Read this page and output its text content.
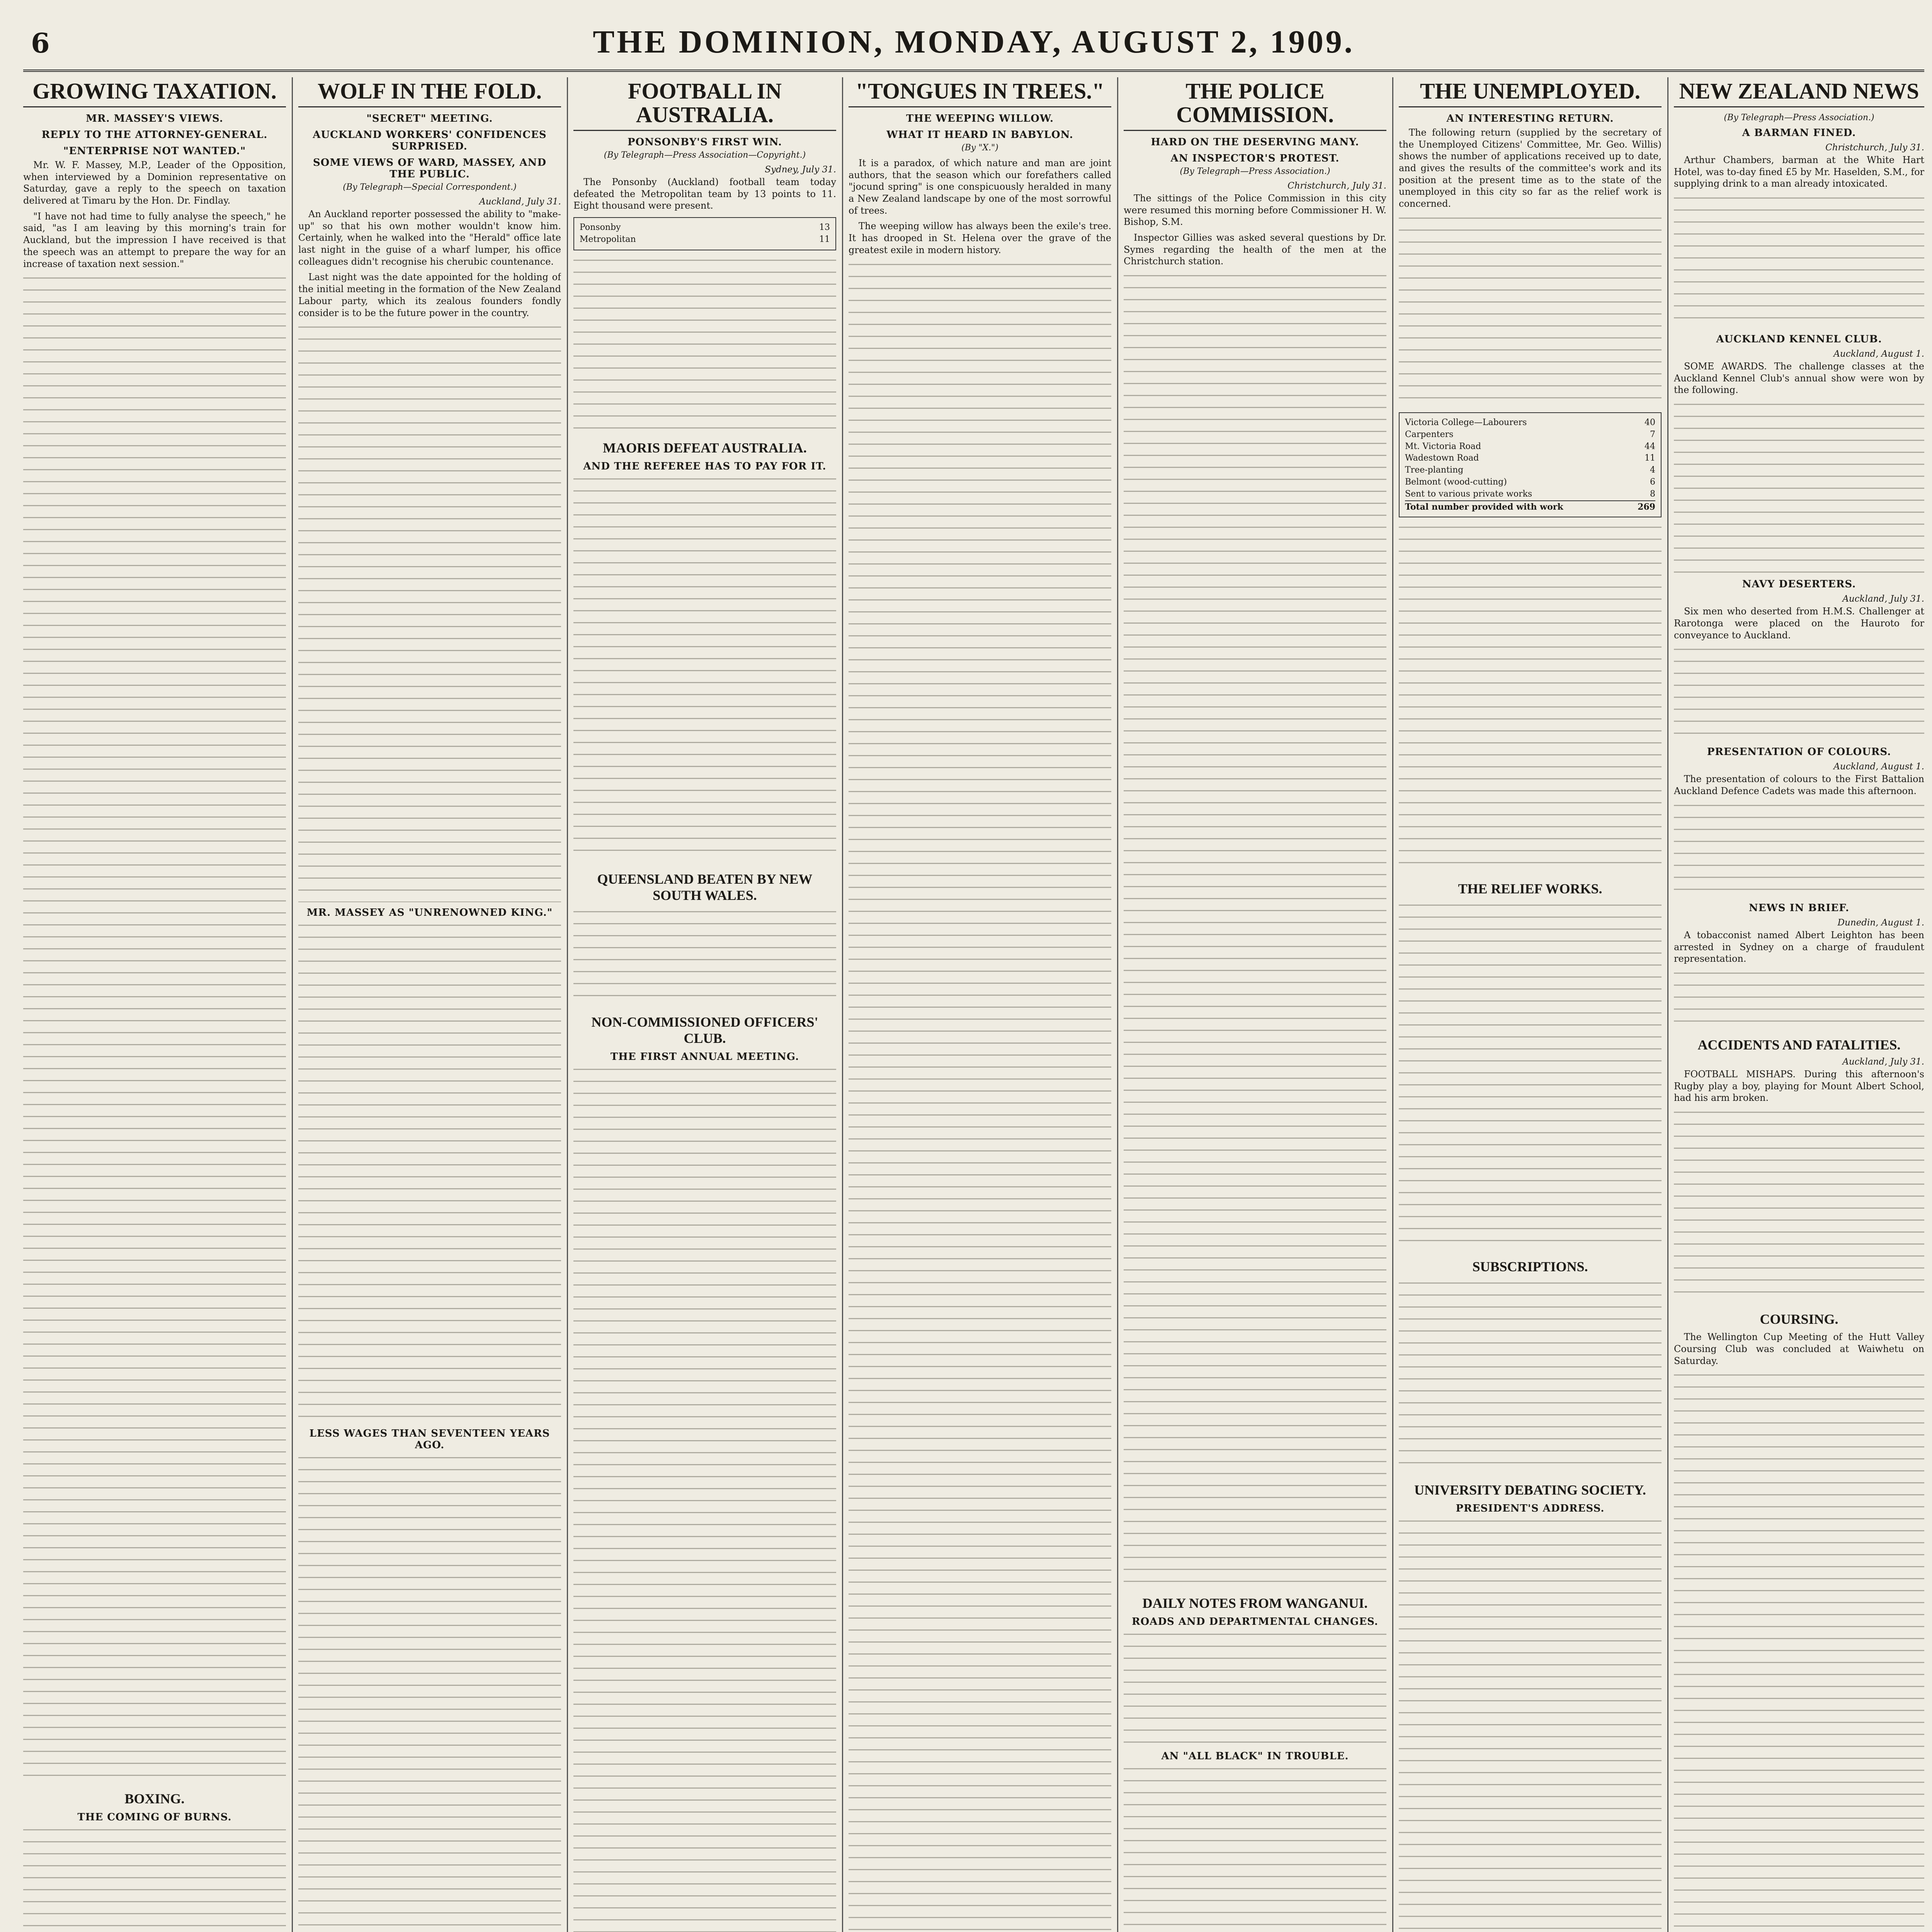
6	THE DOMINION, MONDAY, AUGUST 2, 1909.
GROWING TAXATION.
MR. MASSEY'S VIEWS.
REPLY TO THE ATTORNEY-GENERAL.
"ENTERPRISE NOT WANTED."

Mr. W. F. Massey, M.P., Leader of the Opposition, when interviewed by a Dominion representative on Saturday, gave a reply to the speech on taxation delivered at Timaru by the Hon. Dr. Findlay.

"I have not had time to fully analyse the speech," he said, "as I am leaving by this morning's train for Auckland, but the impression I have received is that the speech was an attempt to prepare the way for an increase of taxation next session."

BOXING.
THE COMING OF BURNS.
WOLF IN THE FOLD.
"SECRET" MEETING.
AUCKLAND WORKERS' CONFIDENCES SURPRISED.
SOME VIEWS OF WARD, MASSEY, AND THE PUBLIC.
(By Telegraph—Special Correspondent.)
Auckland, July 31.

An Auckland reporter possessed the ability to "make-up" so that his own mother wouldn't know him. Certainly, when he walked into the "Herald" office late last night in the guise of a wharf lumper, his office colleagues didn't recognise his cherubic countenance.

Last night was the date appointed for the holding of the initial meeting in the formation of the New Zealand Labour party, which its zealous founders fondly consider is to be the future power in the country.

MR. MASSEY AS "UNRENOWNED KING."
LESS WAGES THAN SEVENTEEN YEARS AGO.
FOOTBALL IN AUSTRALIA.
PONSONBY'S FIRST WIN.
(By Telegraph—Press Association—Copyright.)
Sydney, July 31.

The Ponsonby (Auckland) football team today defeated the Metropolitan team by 13 points to 11. Eight thousand were present.

Ponsonby	13
Metropolitan	11
MAORIS DEFEAT AUSTRALIA.
AND THE REFEREE HAS TO PAY FOR IT.
QUEENSLAND BEATEN BY NEW SOUTH WALES.
NON-COMMISSIONED OFFICERS' CLUB.
THE FIRST ANNUAL MEETING.
"TONGUES IN TREES."
THE WEEPING WILLOW.
WHAT IT HEARD IN BABYLON.
(By "X.")

It is a paradox, of which nature and man are joint authors, that the season which our forefathers called "jocund spring" is one conspicuously heralded in many a New Zealand landscape by one of the most sorrowful of trees.

The weeping willow has always been the exile's tree. It has drooped in St. Helena over the grave of the greatest exile in modern history.

THE POLICE COMMISSION.
HARD ON THE DESERVING MANY.
AN INSPECTOR'S PROTEST.
(By Telegraph—Press Association.)
Christchurch, July 31.

The sittings of the Police Commission in this city were resumed this morning before Commissioner H. W. Bishop, S.M.

Inspector Gillies was asked several questions by Dr. Symes regarding the health of the men at the Christchurch station.

DAILY NOTES FROM WANGANUI.
ROADS AND DEPARTMENTAL CHANGES.
AN "ALL BLACK" IN TROUBLE.
THE UNEMPLOYED.
AN INTERESTING RETURN.

The following return (supplied by the secretary of the Unemployed Citizens' Committee, Mr. Geo. Willis) shows the number of applications received up to date, and gives the results of the committee's work and its position at the present time as to the state of the unemployed in this city so far as the relief work is concerned.

Victoria College—Labourers	40
Carpenters	7
Mt. Victoria Road	44
Wadestown Road	11
Tree-planting	4
Belmont (wood-cutting)	6
Sent to various private works	8
Total number provided with work	269
THE RELIEF WORKS.
SUBSCRIPTIONS.
UNIVERSITY DEBATING SOCIETY.
PRESIDENT'S ADDRESS.

NEW ZEALAND NEWS
(By Telegraph—Press Association.)
A BARMAN FINED.
Christchurch, July 31.

Arthur Chambers, barman at the White Hart Hotel, was to-day fined £5 by Mr. Haselden, S.M., for supplying drink to a man already intoxicated.

AUCKLAND KENNEL CLUB.
Auckland, August 1.

SOME AWARDS. The challenge classes at the Auckland Kennel Club's annual show were won by the following.

NAVY DESERTERS.
Auckland, July 31.

Six men who deserted from H.M.S. Challenger at Rarotonga were placed on the Hauroto for conveyance to Auckland.

PRESENTATION OF COLOURS.
Auckland, August 1.

The presentation of colours to the First Battalion Auckland Defence Cadets was made this afternoon.

NEWS IN BRIEF.
Dunedin, August 1.

A tobacconist named Albert Leighton has been arrested in Sydney on a charge of fraudulent representation.

ACCIDENTS AND FATALITIES.
Auckland, July 31.

FOOTBALL MISHAPS. During this afternoon's Rugby play a boy, playing for Mount Albert School, had his arm broken.

COURSING.

The Wellington Cup Meeting of the Hutt Valley Coursing Club was concluded at Waiwhetu on Saturday.
